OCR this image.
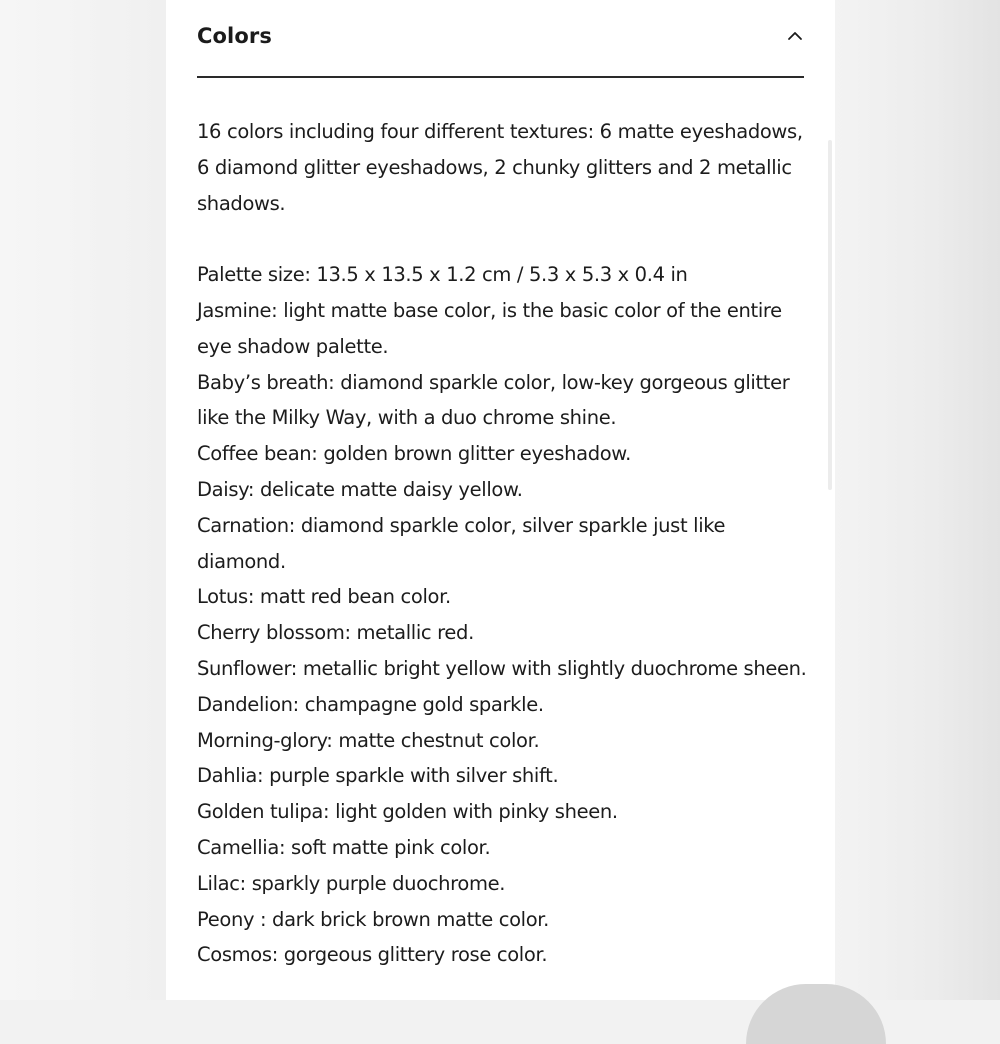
Colors

16 colors including four different textures: 6 matte eyeshadows, 6 diamond glitter eyeshadows, 2 chunky glitters and 2 metallic shadows.

Palette size: 13.5 x 13.5 x 1.2 cm / 5.3 x 5.3 x 0.4 in

Jasmine: light matte base color, is the basic color of the entire eye shadow palette.

Baby’s breath: diamond sparkle color, low-key gorgeous glitter like the Milky Way, with a duo chrome shine.

Coffee bean: golden brown glitter eyeshadow.

Daisy: delicate matte daisy yellow.

Carnation: diamond sparkle color, silver sparkle just like diamond.

Lotus: matt red bean color.

Cherry blossom: metallic red.

Sunflower: metallic bright yellow with slightly duochrome sheen.

Dandelion: champagne gold sparkle.

Morning-glory: matte chestnut color.

Dahlia: purple sparkle with silver shift.

Golden tulipa: light golden with pinky sheen.

Camellia: soft matte pink color.

Lilac: sparkly purple duochrome.

Peony : dark brick brown matte color.

Cosmos: gorgeous glittery rose color.
